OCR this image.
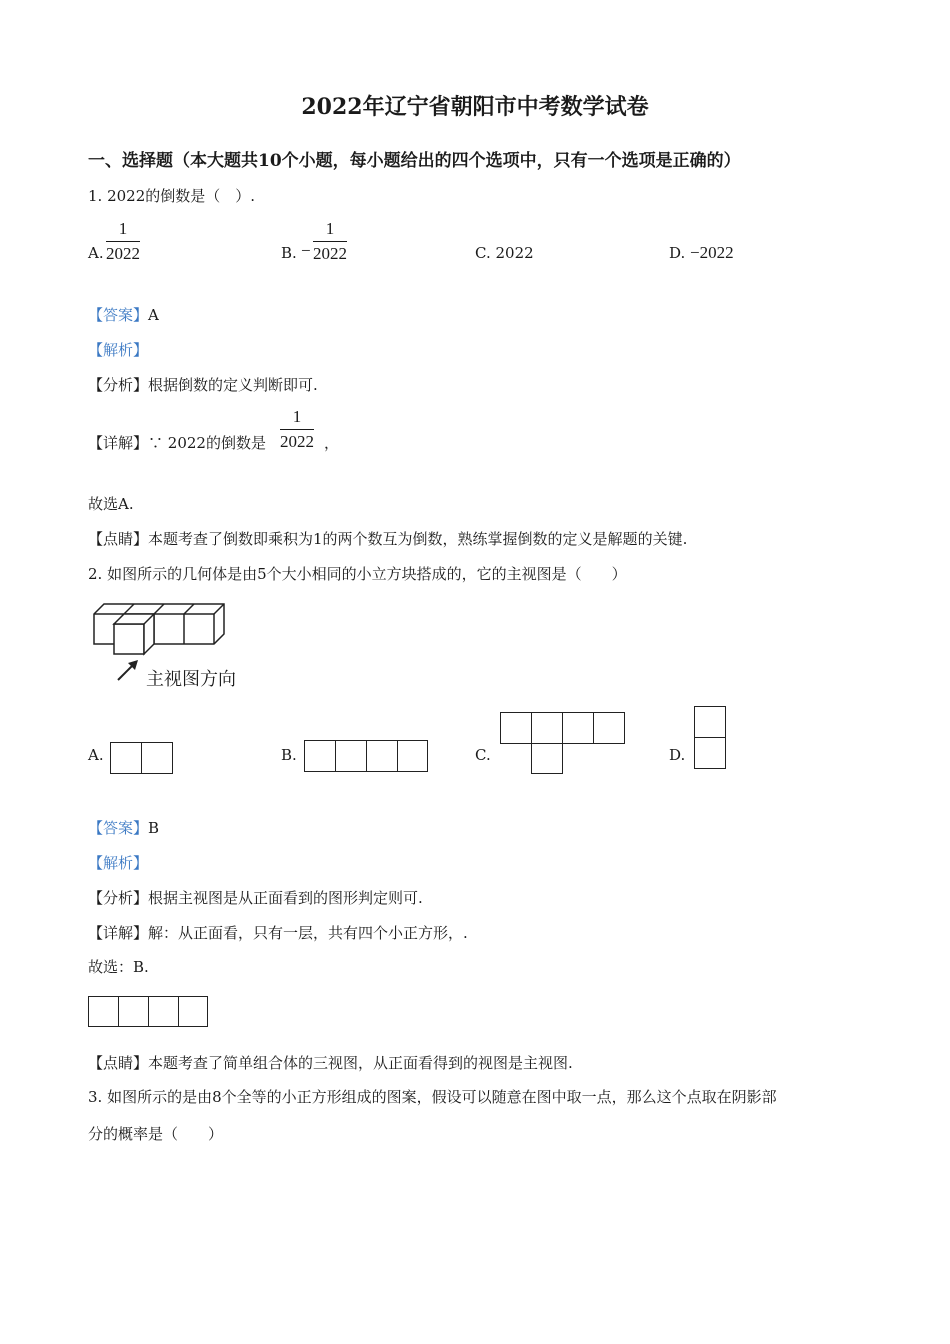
2022年辽宁省朝阳市中考数学试卷
一、选择题（本大题共10个小题，每小题给出的四个选项中，只有一个选项是正确的）
1. 2022的倒数是（　）.
A. $\frac{1}{2022}$	B. − $\frac{1}{2022}$	C. 2022	D. −2022
【答案】A
【解析】
【分析】根据倒数的定义判断即可.
【详解】∵ 2022的倒数是 $\frac{1}{2022}$ ，
故选A.
【点睛】本题考查了倒数即乘积为1的两个数互为倒数，熟练掌握倒数的定义是解题的关键.
2. 如图所示的几何体是由5个大小相同的小立方块搭成的，它的主视图是（　　）
主视图方向
A.	B.	C.	D.
【答案】B
【解析】
【分析】根据主视图是从正面看到的图形判定则可.
【详解】解：从正面看，只有一层，共有四个小正方形，.
故选：B.
【点睛】本题考查了简单组合体的三视图，从正面看得到的视图是主视图.
3. 如图所示的是由8个全等的小正方形组成的图案，假设可以随意在图中取一点，那么这个点取在阴影部
分的概率是（　　）
